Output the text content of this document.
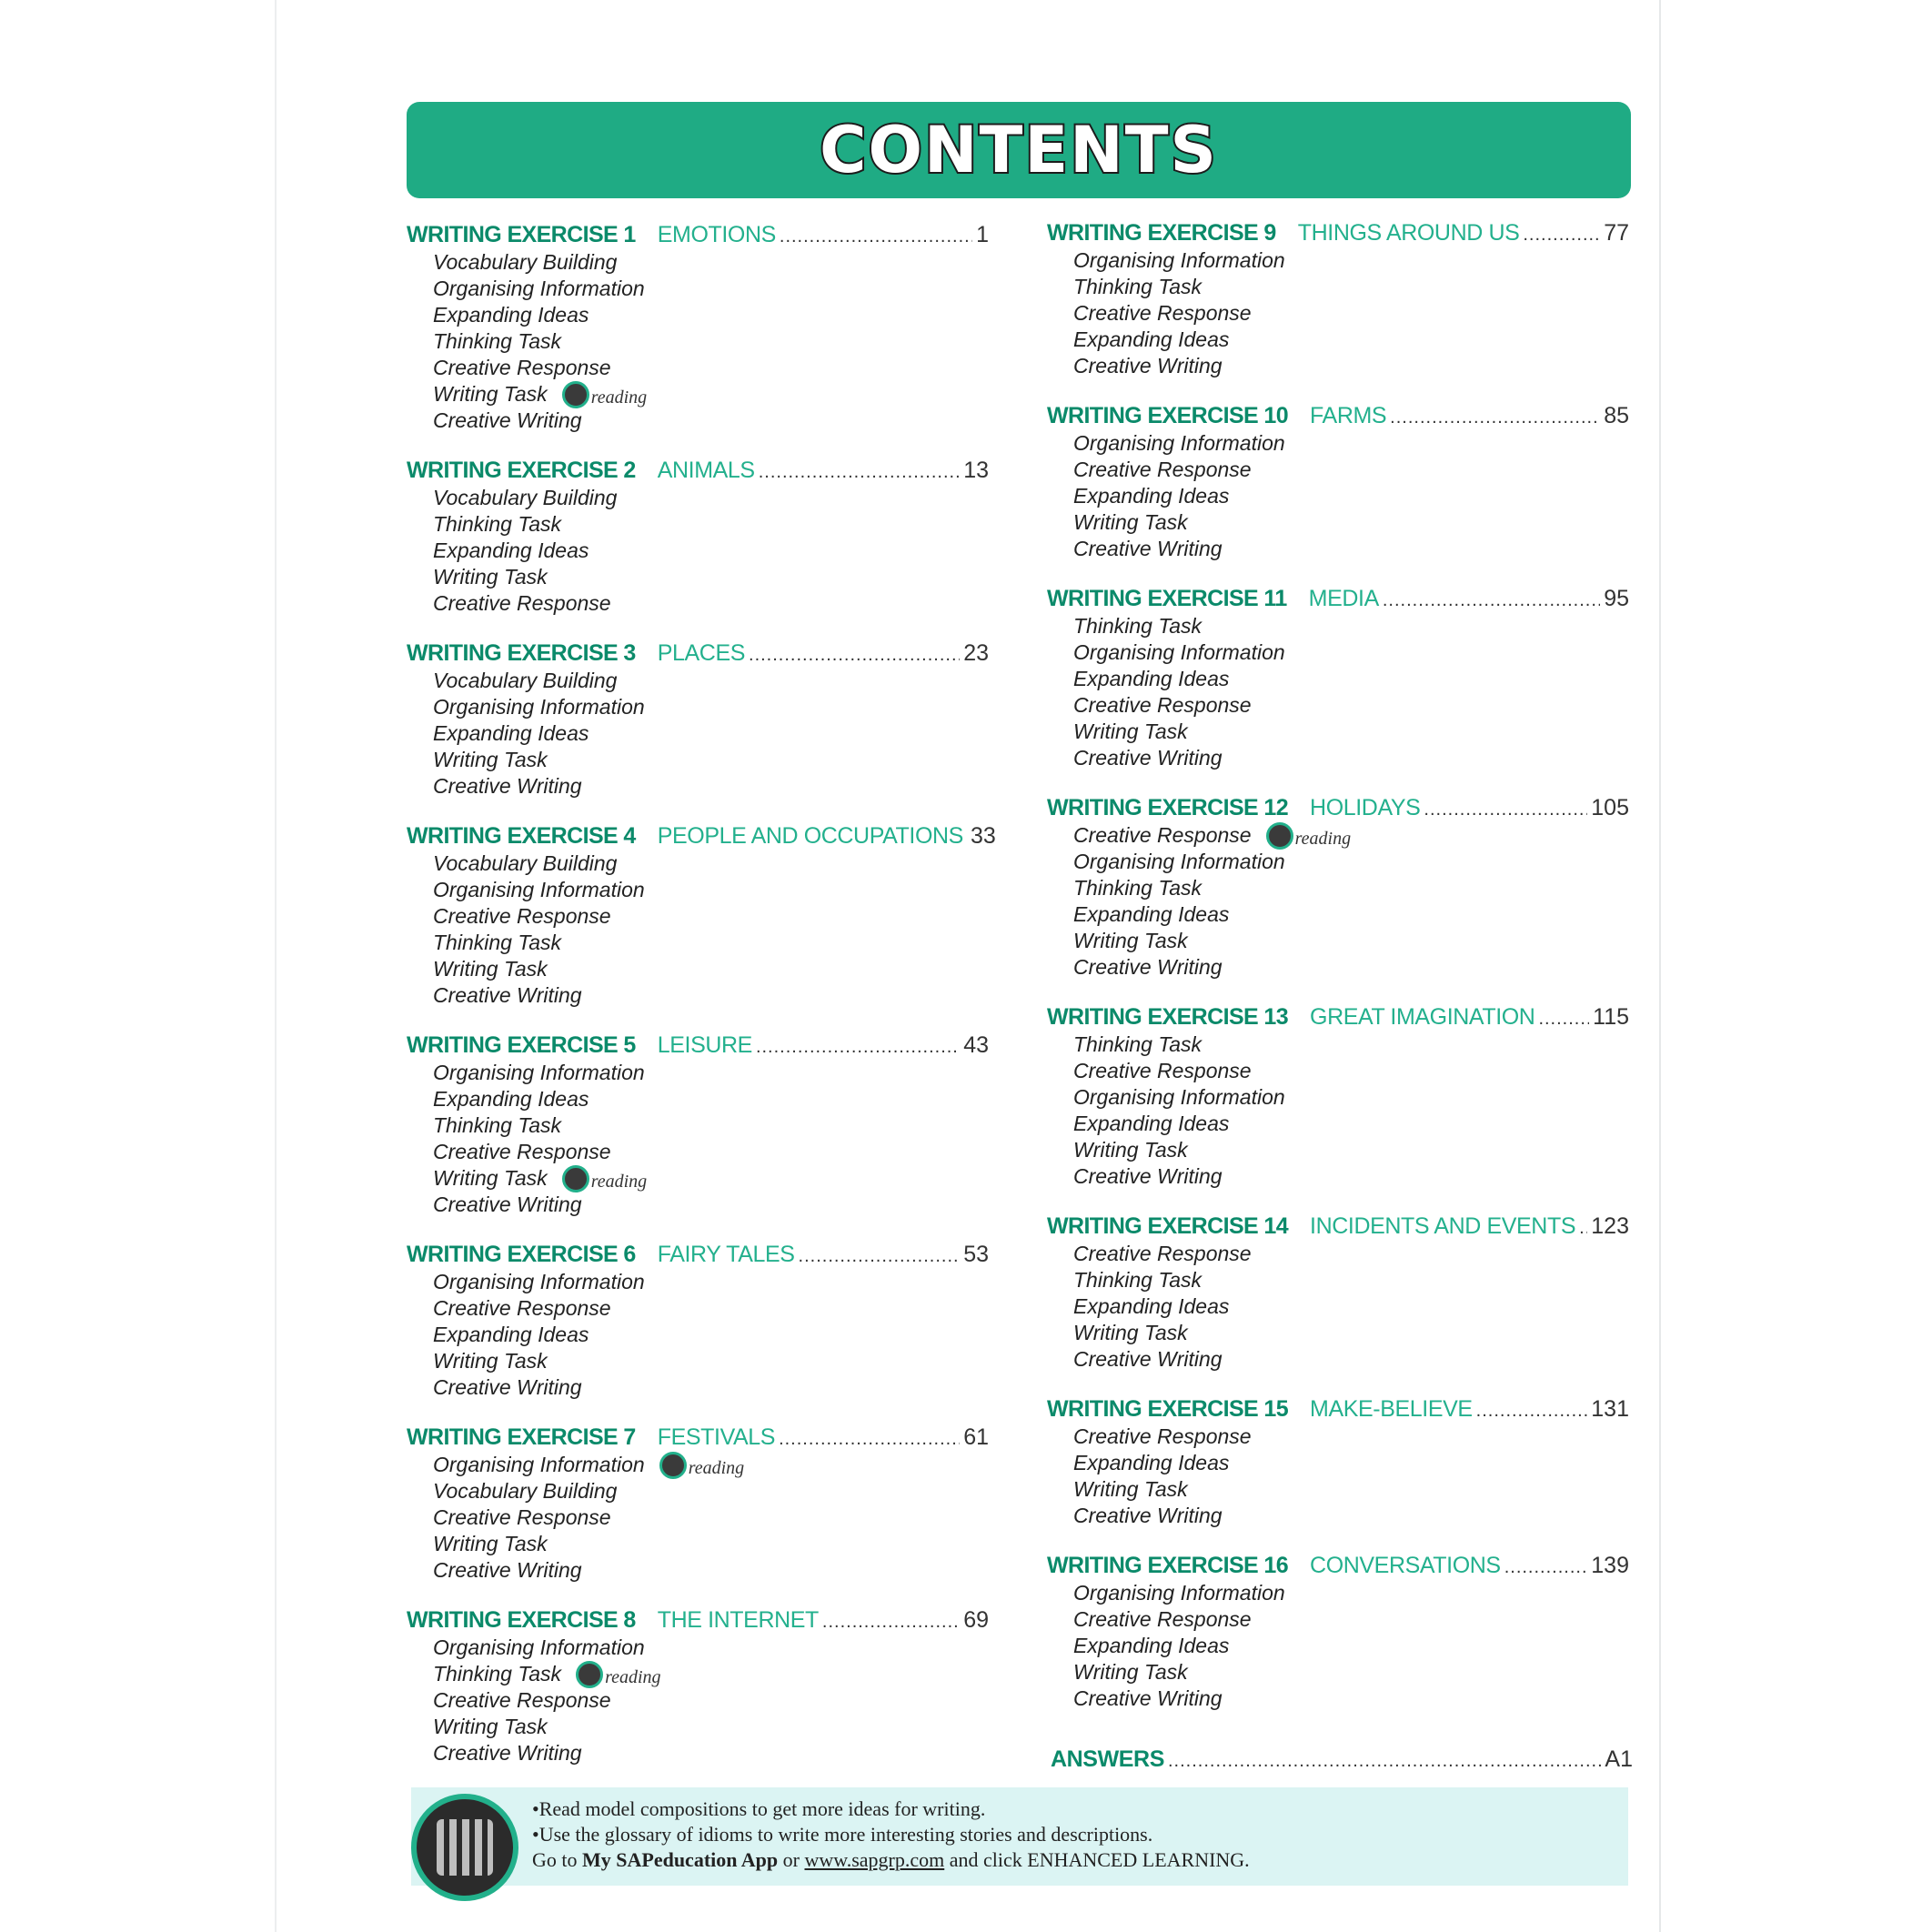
CONTENTS
WRITING EXERCISE 1 EMOTIONS .....	1
Vocabulary Building
Organising Information
Expanding Ideas
Thinking Task
Creative Response
Writing Task reading
Creative Writing
WRITING EXERCISE 2 ANIMALS .....	13
Vocabulary Building
Thinking Task
Expanding Ideas
Writing Task
Creative Response
WRITING EXERCISE 3 PLACES .....	23
Vocabulary Building
Organising Information
Expanding Ideas
Writing Task
Creative Writing
WRITING EXERCISE 4 PEOPLE AND OCCUPATIONS 33
Vocabulary Building
Organising Information
Creative Response
Thinking Task
Writing Task
Creative Writing
WRITING EXERCISE 5 LEISURE .....	43
Organising Information
Expanding Ideas
Thinking Task
Creative Response
Writing Task reading
Creative Writing
WRITING EXERCISE 6 FAIRY TALES .....	53
Organising Information
Creative Response
Expanding Ideas
Writing Task
Creative Writing
WRITING EXERCISE 7 FESTIVALS .....	61
Organising Information reading
Vocabulary Building
Creative Response
Writing Task
Creative Writing
WRITING EXERCISE 8 THE INTERNET .....	69
Organising Information
Thinking Task reading
Creative Response
Writing Task
Creative Writing
WRITING EXERCISE 9 THINGS AROUND US .....	77
Organising Information
Thinking Task
Creative Response
Expanding Ideas
Creative Writing
WRITING EXERCISE 10 FARMS .....	85
Organising Information
Creative Response
Expanding Ideas
Writing Task
Creative Writing
WRITING EXERCISE 11 MEDIA .....	95
Thinking Task
Organising Information
Expanding Ideas
Creative Response
Writing Task
Creative Writing
WRITING EXERCISE 12 HOLIDAYS .....	105
Creative Response reading
Organising Information
Thinking Task
Expanding Ideas
Writing Task
Creative Writing
WRITING EXERCISE 13 GREAT IMAGINATION .....	115
Thinking Task
Creative Response
Organising Information
Expanding Ideas
Writing Task
Creative Writing
WRITING EXERCISE 14 INCIDENTS AND EVENTS ..... 123
Creative Response
Thinking Task
Expanding Ideas
Writing Task
Creative Writing
WRITING EXERCISE 15 MAKE-BELIEVE .....	131
Creative Response
Expanding Ideas
Writing Task
Creative Writing
WRITING EXERCISE 16 CONVERSATIONS .....	139
Organising Information
Creative Response
Expanding Ideas
Writing Task
Creative Writing
ANSWERS .....	A1
•Read model compositions to get more ideas for writing.
•Use the glossary of idioms to write more interesting stories and descriptions.
Go to My SAPeducation App or www.sapgrp.com and click ENHANCED LEARNING.
